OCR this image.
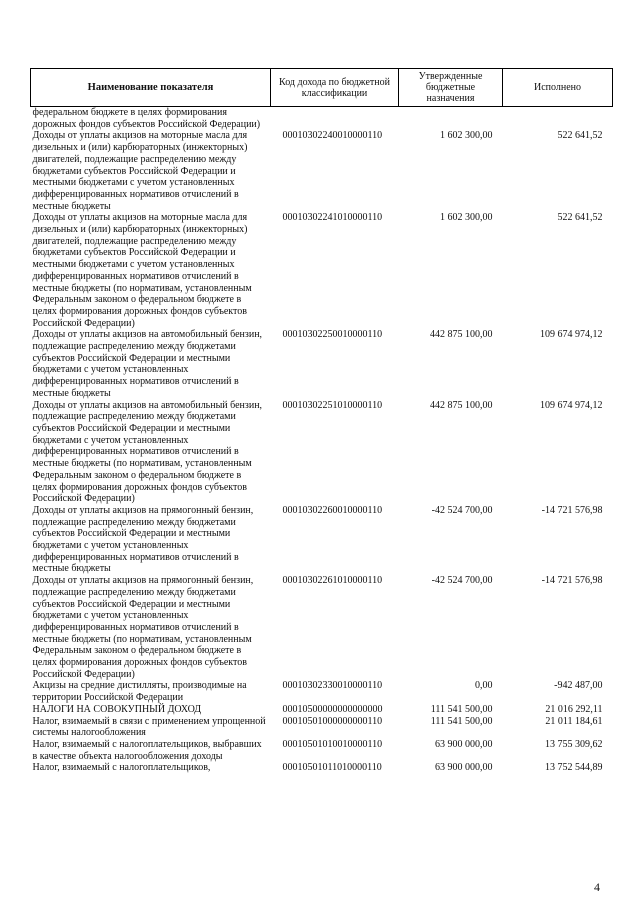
Наименование показателя	Код дохода по бюджетной классификации	Утвержденные бюджетные назначения	Исполнено
федеральном бюджете в целях формирования дорожных фондов субъектов Российской Федерации)			
Доходы от уплаты акцизов на моторные масла для дизельных и (или) карбюраторных (инжекторных) двигателей, подлежащие распределению между бюджетами субъектов Российской Федерации и местными бюджетами с учетом установленных дифференцированных нормативов отчислений в местные бюджеты	00010302240010000110	1 602 300,00	522 641,52
Доходы от уплаты акцизов на моторные масла для дизельных и (или) карбюраторных (инжекторных) двигателей, подлежащие распределению между бюджетами субъектов Российской Федерации и местными бюджетами с учетом установленных дифференцированных нормативов отчислений в местные бюджеты (по нормативам, установленным Федеральным законом о федеральном бюджете в целях формирования дорожных фондов субъектов Российской Федерации)	00010302241010000110	1 602 300,00	522 641,52
Доходы от уплаты акцизов на автомобильный бензин, подлежащие распределению между бюджетами субъектов Российской Федерации и местными бюджетами с учетом установленных дифференцированных нормативов отчислений в местные бюджеты	00010302250010000110	442 875 100,00	109 674 974,12
Доходы от уплаты акцизов на автомобильный бензин, подлежащие распределению между бюджетами субъектов Российской Федерации и местными бюджетами с учетом установленных дифференцированных нормативов отчислений в местные бюджеты (по нормативам, установленным Федеральным законом о федеральном бюджете в целях формирования дорожных фондов субъектов Российской Федерации)	00010302251010000110	442 875 100,00	109 674 974,12
Доходы от уплаты акцизов на прямогонный бензин, подлежащие распределению между бюджетами субъектов Российской Федерации и местными бюджетами с учетом установленных дифференцированных нормативов отчислений в местные бюджеты	00010302260010000110	-42 524 700,00	-14 721 576,98
Доходы от уплаты акцизов на прямогонный бензин, подлежащие распределению между бюджетами субъектов Российской Федерации и местными бюджетами с учетом установленных дифференцированных нормативов отчислений в местные бюджеты (по нормативам, установленным Федеральным законом о федеральном бюджете в целях формирования дорожных фондов субъектов Российской Федерации)	00010302261010000110	-42 524 700,00	-14 721 576,98
Акцизы на средние дистилляты, производимые на территории Российской Федерации	00010302330010000110	0,00	-942 487,00
НАЛОГИ НА СОВОКУПНЫЙ ДОХОД	00010500000000000000	111 541 500,00	21 016 292,11
Налог, взимаемый в связи с применением упрощенной системы налогообложения	00010501000000000110	111 541 500,00	21 011 184,61
Налог, взимаемый с налогоплательщиков, выбравших в качестве объекта налогообложения доходы	00010501010010000110	63 900 000,00	13 755 309,62
Налог, взимаемый с налогоплательщиков,	00010501011010000110	63 900 000,00	13 752 544,89
4
